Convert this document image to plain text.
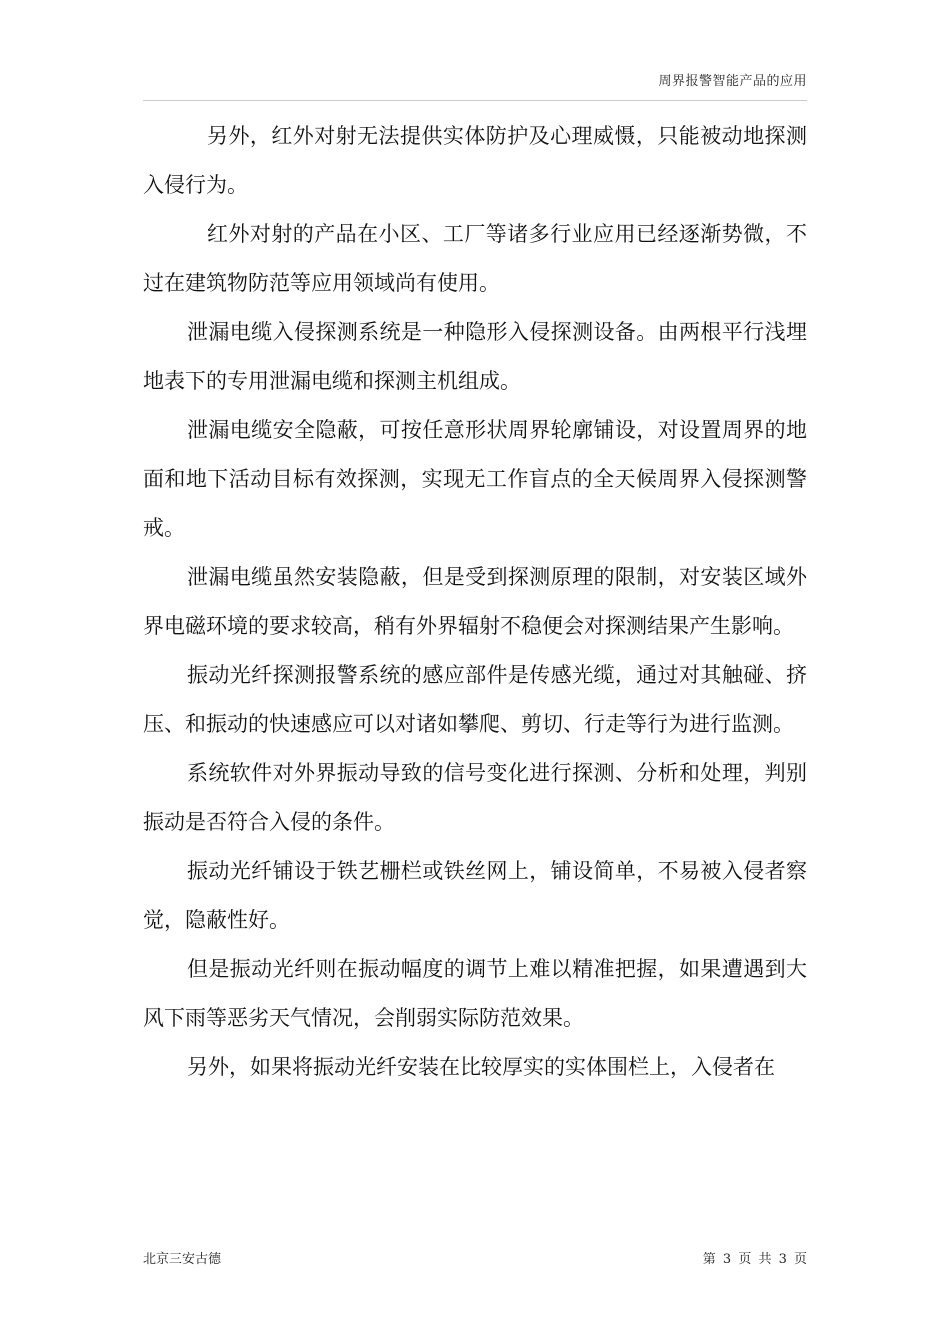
周界报警智能产品的应用

另外，红外对射无法提供实体防护及心理威慑，只能被动地探测入侵行为。

红外对射的产品在小区、工厂等诸多行业应用已经逐渐势微，不过在建筑物防范等应用领域尚有使用。

泄漏电缆入侵探测系统是一种隐形入侵探测设备。由两根平行浅埋地表下的专用泄漏电缆和探测主机组成。

泄漏电缆安全隐蔽，可按任意形状周界轮廓铺设，对设置周界的地面和地下活动目标有效探测，实现无工作盲点的全天候周界入侵探测警戒。

泄漏电缆虽然安装隐蔽，但是受到探测原理的限制，对安装区域外界电磁环境的要求较高，稍有外界辐射不稳便会对探测结果产生影响。

振动光纤探测报警系统的感应部件是传感光缆，通过对其触碰、挤压、和振动的快速感应可以对诸如攀爬、剪切、行走等行为进行监测。

系统软件对外界振动导致的信号变化进行探测、分析和处理，判别振动是否符合入侵的条件。

振动光纤铺设于铁艺栅栏或铁丝网上，铺设简单，不易被入侵者察觉，隐蔽性好。

但是振动光纤则在振动幅度的调节上难以精准把握，如果遭遇到大风下雨等恶劣天气情况，会削弱实际防范效果。

另外，如果将振动光纤安装在比较厚实的实体围栏上，入侵者在

北京三安古德	第 3 页 共 3 页
